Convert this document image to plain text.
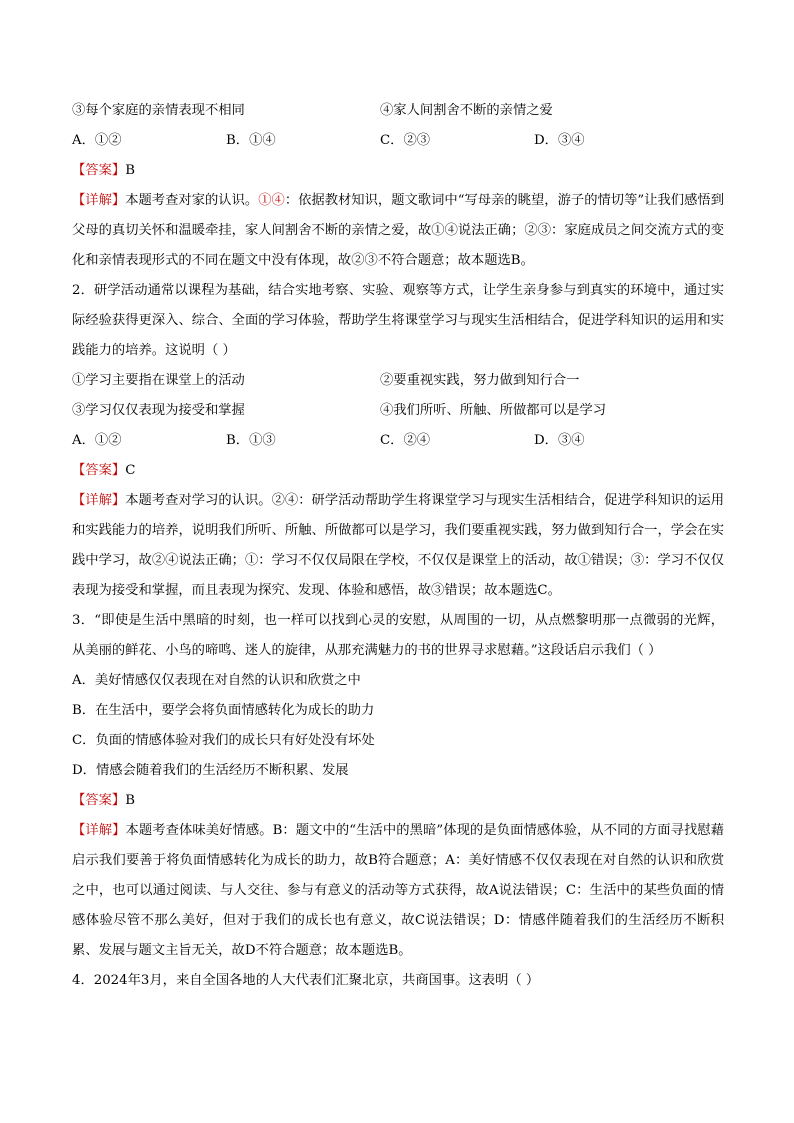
③每个家庭的亲情表现不相同	④家人间割舍不断的亲情之爱
A．①②	B．①④	C．②③	D．③④
【答案】B
【详解】本题考查对家的认识。①④：依据教材知识，题文歌词中“写母亲的眺望，游子的情切等”让我们感悟到父母的真切关怀和温暖牵挂，家人间割舍不断的亲情之爱，故①④说法正确；②③：家庭成员之间交流方式的变化和亲情表现形式的不同在题文中没有体现，故②③不符合题意；故本题选B。
2．研学活动通常以课程为基础，结合实地考察、实验、观察等方式，让学生亲身参与到真实的环境中，通过实际经验获得更深入、综合、全面的学习体验，帮助学生将课堂学习与现实生活相结合，促进学科知识的运用和实践能力的培养。这说明（ ）
①学习主要指在课堂上的活动	②要重视实践，努力做到知行合一
③学习仅仅表现为接受和掌握	④我们所听、所触、所做都可以是学习
A．①②	B．①③	C．②④	D．③④
【答案】C
【详解】本题考查对学习的认识。②④：研学活动帮助学生将课堂学习与现实生活相结合，促进学科知识的运用和实践能力的培养，说明我们所听、所触、所做都可以是学习，我们要重视实践，努力做到知行合一，学会在实践中学习，故②④说法正确；①：学习不仅仅局限在学校，不仅仅是课堂上的活动，故①错误；③：学习不仅仅表现为接受和掌握，而且表现为探究、发现、体验和感悟，故③错误；故本题选C。
3．“即使是生活中黑暗的时刻，也一样可以找到心灵的安慰，从周围的一切，从点燃黎明那一点微弱的光辉，从美丽的鲜花、小鸟的啼鸣、迷人的旋律，从那充满魅力的书的世界寻求慰藉。”这段话启示我们（ ）
A．美好情感仅仅表现在对自然的认识和欣赏之中
B．在生活中，要学会将负面情感转化为成长的助力
C．负面的情感体验对我们的成长只有好处没有坏处
D．情感会随着我们的生活经历不断积累、发展
【答案】B
【详解】本题考查体味美好情感。B：题文中的“生活中的黑暗”体现的是负面情感体验，从不同的方面寻找慰藉启示我们要善于将负面情感转化为成长的助力，故B符合题意；A：美好情感不仅仅表现在对自然的认识和欣赏之中，也可以通过阅读、与人交往、参与有意义的活动等方式获得，故A说法错误；C：生活中的某些负面的情感体验尽管不那么美好，但对于我们的成长也有意义，故C说法错误；D：情感伴随着我们的生活经历不断积累、发展与题文主旨无关，故D不符合题意；故本题选B。
4．2024年3月，来自全国各地的人大代表们汇聚北京，共商国事。这表明（ ）
